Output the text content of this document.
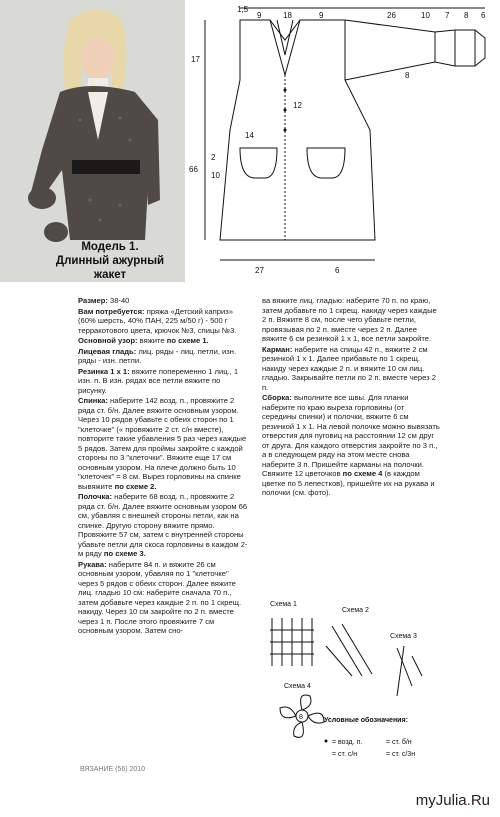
Модель 1.
Длинный ажурный жакет
1,5
9	18	9	26	10 7 8 6
17
66
12
14
2
10
8
27	6

Размер: 38-40

Вам потребуется: пряжа «Детский каприз» (60% шерсть, 40% ПАН, 225 м/50 г) - 500 г терракотового цвета, крючок №3, спицы №3.

Основной узор: вяжите по схеме 1.

Лицевая гладь: лиц. ряды - лиц. петли, изн. ряды - изн. петли.

Резинка 1 х 1: вяжите попеременно 1 лиц., 1 изн. п. В изн. рядах все петли вяжите по рисунку.

Спинка: наберите 142 возд. п., провяжите 2 ряда ст. б/н. Далее вяжите основным узором. Через 10 рядов убавьте с обеих сторон по 1 "клеточке" (« провяжите 2 ст. с/н вместе), повторите такие убавления 5 раз через каждые 5 рядов. Затем для проймы закройте с каждой стороны по 3 "клеточки". Вяжите еще 17 см основным узором. На плече должно быть 10 "клеточек" = 8 см. Вырез горловины на спинке вывяжите по схеме 2.

Полочка: наберите 68 возд. п., провяжите 2 ряда ст. б/н. Далее вяжите основным узором 66 см, убавляя с внешней стороны петли, как на спинке. Другую сторону вяжите прямо. Провяжите 57 см, затем с внутренней стороны убавьте петли для скоса горловины в каждом 2-м ряду по схеме 3.

Рукава: наберите 84 п. и вяжите 26 см основным узором, убавляя по 1 "клеточке" через 5 рядов с обеих сторон. Далее вяжите лиц. гладью 10 см: наберите сначала 70 п., затем добавьте через каждые 2 п. по 1 скрещ. накиду. Через 10 см закройте по 2 п. вместе через 1 п. После этого провяжите 7 см основным узором. Затем сно-

ва вяжите лиц. гладью: наберите 70 п. по краю, затем добавьте по 1 скрещ. накиду через каждые 2 п. Вяжите 8 см, после чего убавьте петли, провязывая по 2 п. вместе через 2 п. Далее вяжите 6 см резинкой 1 х 1, все петли закройте.

Карман: наберите на спицы 42 п., вяжите 2 см резинкой 1 х 1. Далее прибавьте по 1 скрещ. накиду через каждые 2 п. и вяжите 10 см лиц. гладью. Закрывайте петли по 2 п. вместе через 2 п.

Сборка: выполните все швы. Для планки наберите по краю выреза горловины (от середины спинки) и полочки, вяжите 6 см резинкой 1 х 1. На левой полочке можно вывязать отверстия для пуговиц на расстоянии 12 см друг от друга. Для каждого отверстия закройте по 3 п., а в следующем ряду на этом месте снова наберите 3 п. Пришейте карманы на полочки. Свяжите 12 цветочков по схеме 4 (в каждом цветке по 5 лепестков), пришейте их на рукава и полочки (см. фото).

Схема 1
Схема 2
Схема 3
Схема 4
8	Условные обозначения:
= возд. п.	= ст. б/н
= ст. с/н	= ст. с/3н
ВЯЗАНИЕ (56) 2010
myJulia.Ru
